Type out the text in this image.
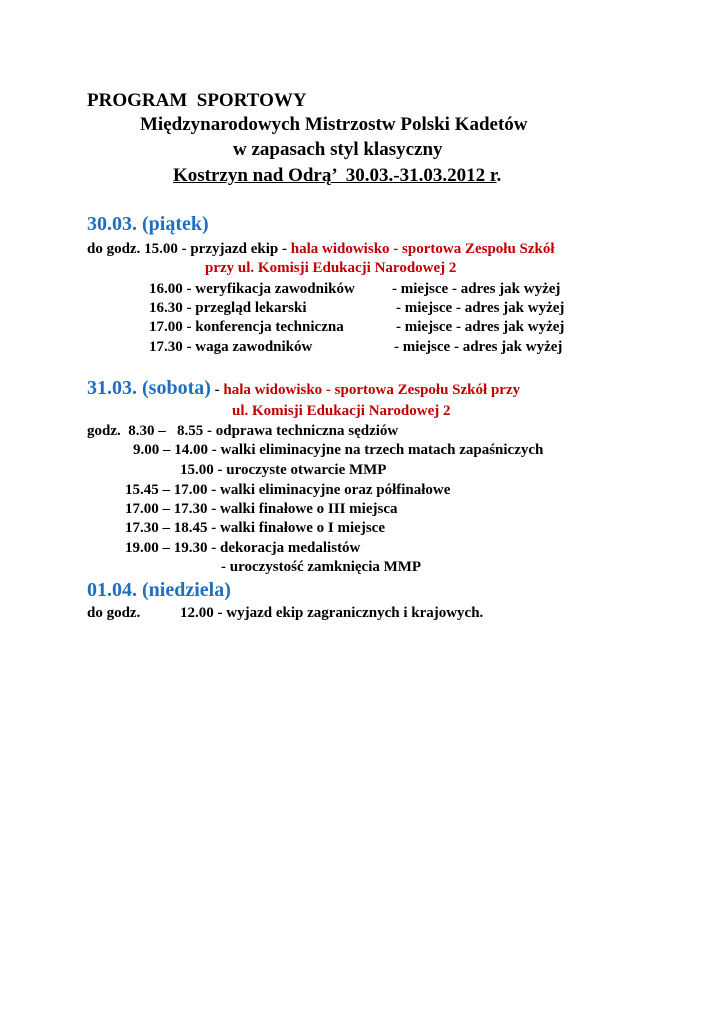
PROGRAM  SPORTOWY
Międzynarodowych Mistrzostw Polski Kadetów
w zapasach styl klasyczny
Kostrzyn nad Odrą’  30.03.-31.03.2012 r.
30.03. (piątek)
do godz. 15.00 - przyjazd ekip - hala widowisko - sportowa Zespołu Szkół
przy ul. Komisji Edukacji Narodowej 2
16.00 - weryfikacja zawodników - miejsce - adres jak wyżej
16.30 - przegląd lekarski	- miejsce - adres jak wyżej
17.00 - konferencja techniczna	- miejsce - adres jak wyżej
17.30 - waga zawodników	- miejsce - adres jak wyżej
31.03. (sobota) - hala widowisko - sportowa Zespołu Szkół przy
ul. Komisji Edukacji Narodowej 2
godz.  8.30 –   8.55 - odprawa techniczna sędziów
9.00 – 14.00 - walki eliminacyjne na trzech matach zapaśniczych
15.00 - uroczyste otwarcie MMP
15.45 – 17.00 - walki eliminacyjne oraz półfinałowe
17.00 – 17.30 - walki finałowe o III miejsca
17.30 – 18.45 - walki finałowe o I miejsce
19.00 – 19.30 - dekoracja medalistów
- uroczystość zamknięcia MMP
01.04. (niedziela)
do godz.	12.00 - wyjazd ekip zagranicznych i krajowych.
